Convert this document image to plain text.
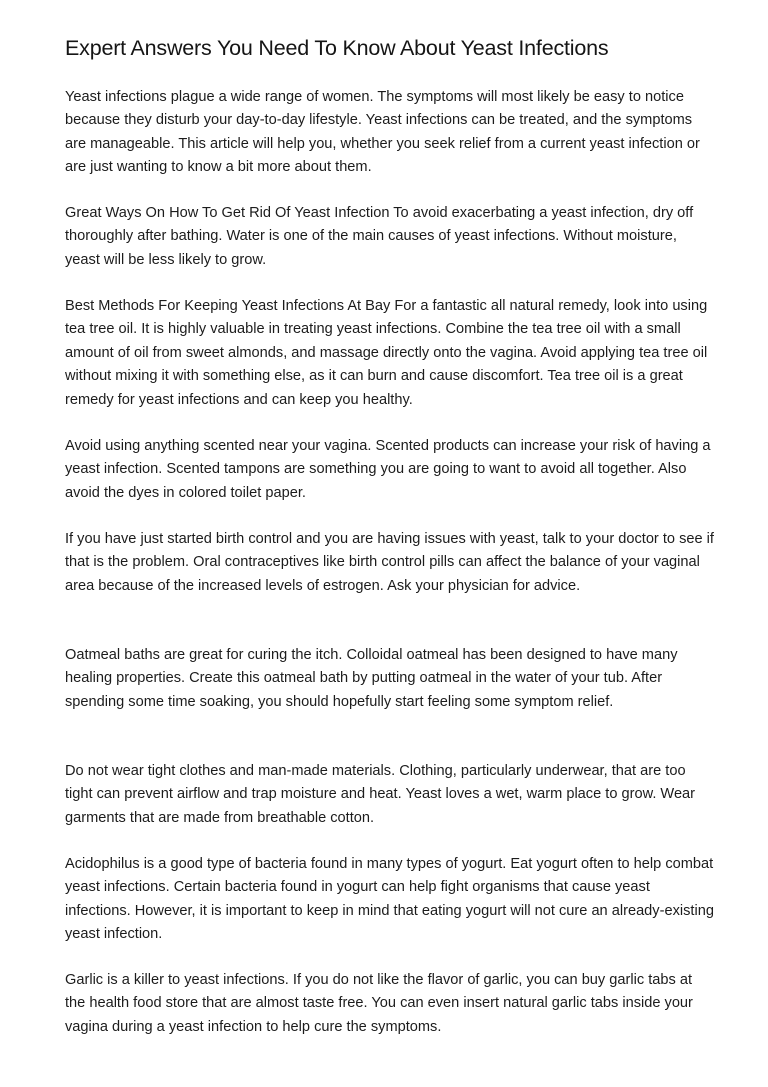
Expert Answers You Need To Know About Yeast Infections

Yeast infections plague a wide range of women. The symptoms will most likely be easy to notice because they disturb your day-to-day lifestyle. Yeast infections can be treated, and the symptoms are manageable. This article will help you, whether you seek relief from a current yeast infection or are just wanting to know a bit more about them.

Great Ways On How To Get Rid Of Yeast Infection To avoid exacerbating a yeast infection, dry off thoroughly after bathing. Water is one of the main causes of yeast infections. Without moisture, yeast will be less likely to grow.

Best Methods For Keeping Yeast Infections At Bay For a fantastic all natural remedy, look into using tea tree oil. It is highly valuable in treating yeast infections. Combine the tea tree oil with a small amount of oil from sweet almonds, and massage directly onto the vagina. Avoid applying tea tree oil without mixing it with something else, as it can burn and cause discomfort. Tea tree oil is a great remedy for yeast infections and can keep you healthy.

Avoid using anything scented near your vagina. Scented products can increase your risk of having a yeast infection. Scented tampons are something you are going to want to avoid all together. Also avoid the dyes in colored toilet paper.

If you have just started birth control and you are having issues with yeast, talk to your doctor to see if that is the problem. Oral contraceptives like birth control pills can affect the balance of your vaginal area because of the increased levels of estrogen. Ask your physician for advice.

Oatmeal baths are great for curing the itch. Colloidal oatmeal has been designed to have many healing properties. Create this oatmeal bath by putting oatmeal in the water of your tub. After spending some time soaking, you should hopefully start feeling some symptom relief.

Do not wear tight clothes and man-made materials. Clothing, particularly underwear, that are too tight can prevent airflow and trap moisture and heat. Yeast loves a wet, warm place to grow. Wear garments that are made from breathable cotton.

Acidophilus is a good type of bacteria found in many types of yogurt. Eat yogurt often to help combat yeast infections. Certain bacteria found in yogurt can help fight organisms that cause yeast infections. However, it is important to keep in mind that eating yogurt will not cure an already-existing yeast infection.

Garlic is a killer to yeast infections. If you do not like the flavor of garlic, you can buy garlic tabs at the health food store that are almost taste free. You can even insert natural garlic tabs inside your vagina during a yeast infection to help cure the symptoms.
